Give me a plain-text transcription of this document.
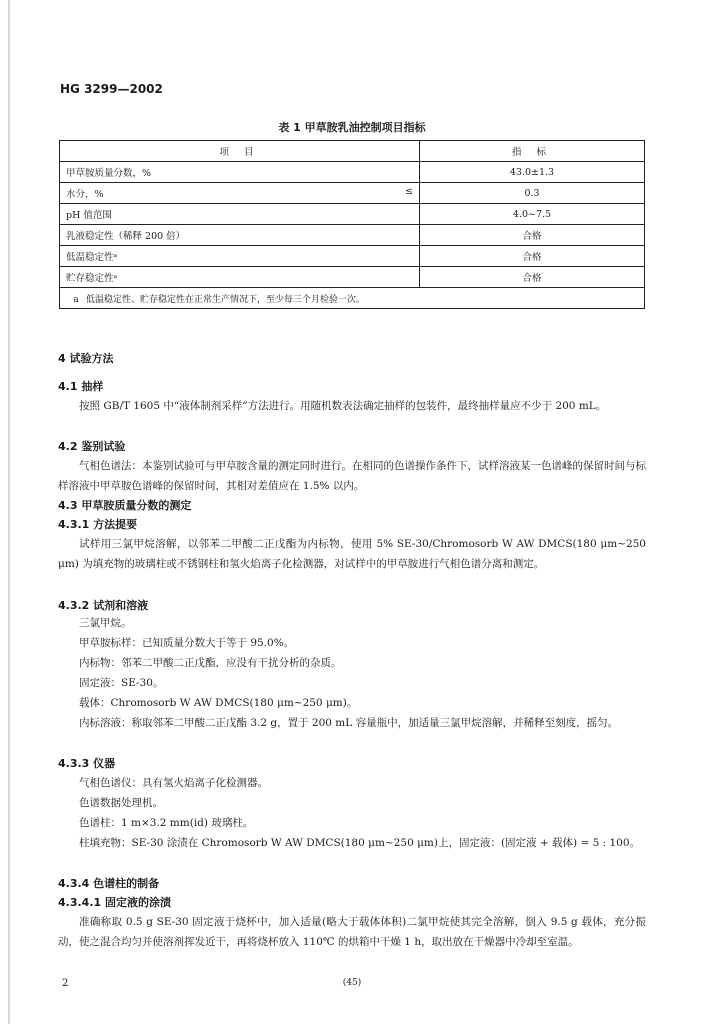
HG 3299—2002
表 1 甲草胺乳油控制项目指标
项 目	指 标
甲草胺质量分数，%	43.0±1.3

水分，% ≤	0.3
pH 值范围	4.0~7.5
乳液稳定性（稀释 200 倍）	合格
低温稳定性ᵃ	合格
贮存稳定性ᵃ	合格
a 低温稳定性、贮存稳定性在正常生产情况下，至少每三个月检验一次。	
4 试验方法
4.1 抽样
按照 GB/T 1605 中“液体制剂采样”方法进行。用随机数表法确定抽样的包装件，最终抽样量应不少于 200 mL。
4.2 鉴别试验
气相色谱法：本鉴别试验可与甲草胺含量的测定同时进行。在相同的色谱操作条件下，试样溶液某一色谱峰的保留时间与标样溶液中甲草胺色谱峰的保留时间，其相对差值应在 1.5% 以内。
4.3 甲草胺质量分数的测定
4.3.1 方法提要
试样用三氯甲烷溶解，以邻苯二甲酸二正戊酯为内标物，使用 5% SE-30/Chromosorb W AW DMCS(180 μm~250 μm) 为填充物的玻璃柱或不锈钢柱和氢火焰离子化检测器，对试样中的甲草胺进行气相色谱分离和测定。
4.3.2 试剂和溶液
三氯甲烷。
甲草胺标样：已知质量分数大于等于 95.0%。
内标物：邻苯二甲酸二正戊酯，应没有干扰分析的杂质。
固定液：SE-30。
载体：Chromosorb W AW DMCS(180 μm~250 μm)。
内标溶液：称取邻苯二甲酸二正戊酯 3.2 g，置于 200 mL 容量瓶中，加适量三氯甲烷溶解，并稀释至刻度，摇匀。
4.3.3 仪器
气相色谱仪：具有氢火焰离子化检测器。
色谱数据处理机。
色谱柱：1 m×3.2 mm(id) 玻璃柱。
柱填充物：SE-30 涂渍在 Chromosorb W AW DMCS(180 μm~250 μm)上，固定液：(固定液 + 载体) = 5 : 100。
4.3.4 色谱柱的制备
4.3.4.1 固定液的涂渍
准确称取 0.5 g SE-30 固定液于烧杯中，加入适量(略大于载体体积)二氯甲烷使其完全溶解，倒入 9.5 g 载体，充分振动，使之混合均匀并使溶剂挥发近干，再将烧杯放入 110℃ 的烘箱中干燥 1 h，取出放在干燥器中冷却至室温。
2	(45)
